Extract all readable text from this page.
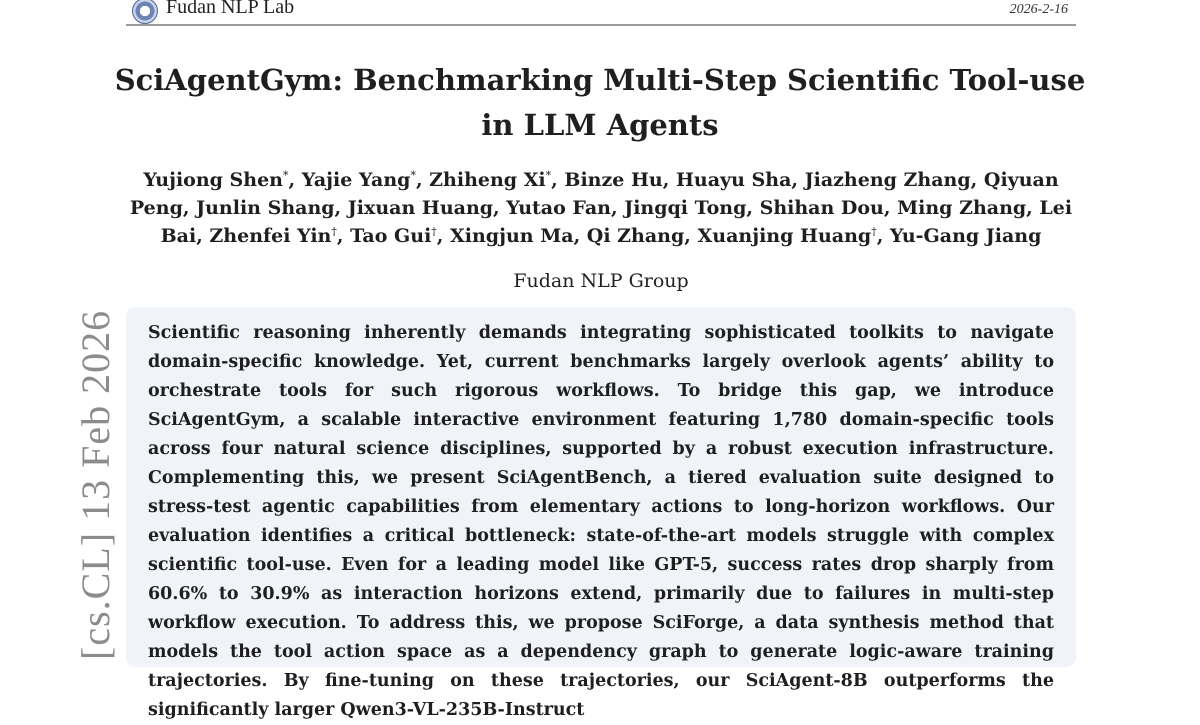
Fudan NLP Lab	2026-2-16
SciAgentGym: Benchmarking Multi-Step Scientific Tool-use in LLM Agents
Yujiong Shen*, Yajie Yang*, Zhiheng Xi*, Binze Hu, Huayu Sha, Jiazheng Zhang, Qiyuan Peng, Junlin Shang, Jixuan Huang, Yutao Fan, Jingqi Tong, Shihan Dou, Ming Zhang, Lei Bai, Zhenfei Yin†, Tao Gui†, Xingjun Ma, Qi Zhang, Xuanjing Huang†, Yu-Gang Jiang
Fudan NLP Group
Scientific reasoning inherently demands integrating sophisticated toolkits to navigate domain-specific knowledge. Yet, current benchmarks largely overlook agents’ ability to orchestrate tools for such rigorous workflows. To bridge this gap, we introduce SciAgentGym, a scalable interactive environment featuring 1,780 domain-specific tools across four natural science disciplines, supported by a robust execution infrastructure. Complementing this, we present SciAgentBench, a tiered evaluation suite designed to stress-test agentic capabilities from elementary actions to long-horizon workflows. Our evaluation identifies a critical bottleneck: state-of-the-art models struggle with complex scientific tool-use. Even for a leading model like GPT-5, success rates drop sharply from 60.6% to 30.9% as interaction horizons extend, primarily due to failures in multi-step workflow execution. To address this, we propose SciForge, a data synthesis method that models the tool action space as a dependency graph to generate logic-aware training trajectories. By fine-tuning on these trajectories, our SciAgent-8B outperforms the significantly larger Qwen3-VL-235B-Instruct
[cs.CL] 13 Feb 2026
